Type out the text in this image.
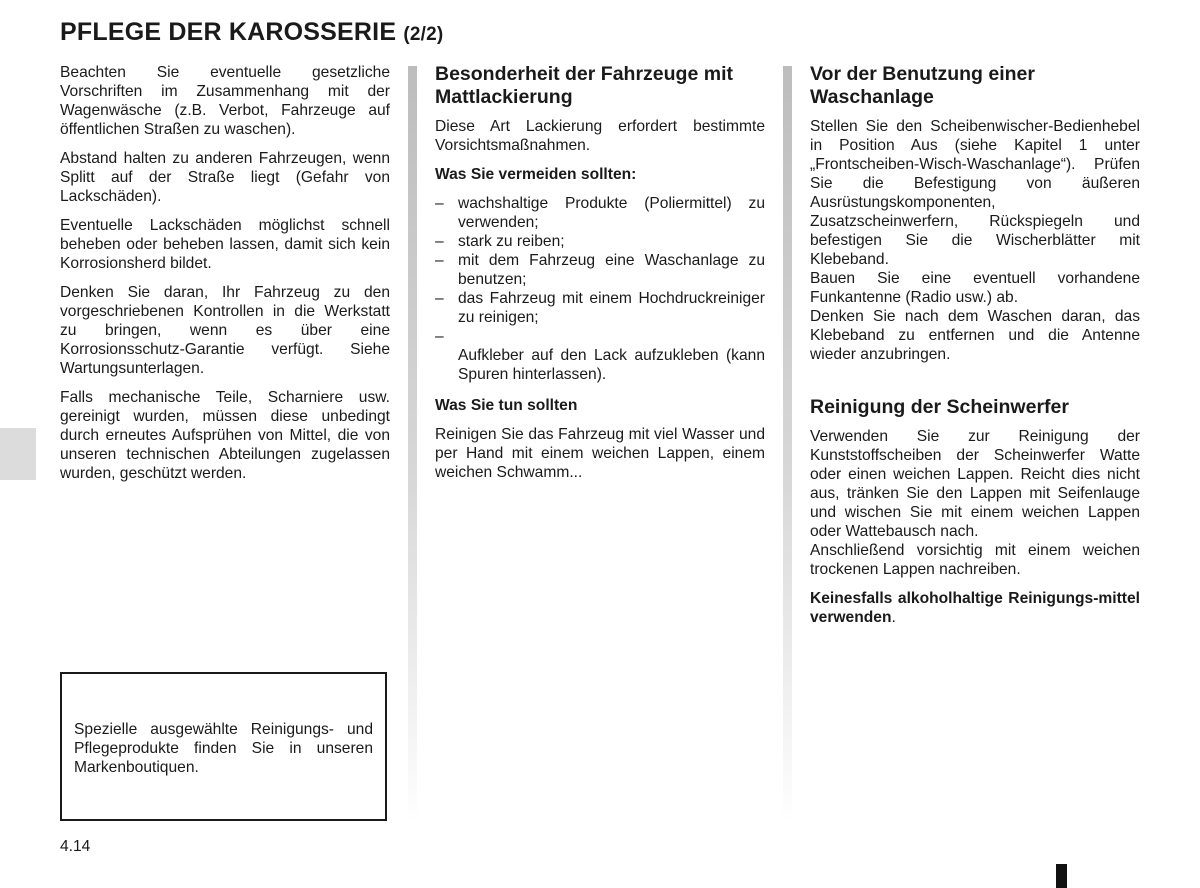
PFLEGE DER KAROSSERIE (2/2)

Beachten Sie eventuelle gesetzliche Vorschriften im Zusammenhang mit der Wagenwäsche (z.B. Verbot, Fahrzeuge auf öffentlichen Straßen zu waschen).

Abstand halten zu anderen Fahrzeugen, wenn Splitt auf der Straße liegt (Gefahr von Lackschäden).

Eventuelle Lackschäden möglichst schnell beheben oder beheben lassen, damit sich kein Korrosionsherd bildet.

Denken Sie daran, Ihr Fahrzeug zu den vorgeschriebenen Kontrollen in die Werkstatt zu bringen, wenn es über eine Korrosionsschutz-Garantie verfügt. Siehe Wartungsunterlagen.

Falls mechanische Teile, Scharniere usw. gereinigt wurden, müssen diese unbedingt durch erneutes Aufsprühen von Mittel, die von unseren technischen Abteilungen zugelassen wurden, geschützt werden.

Spezielle ausgewählte Reinigungs- und Pflegeprodukte finden Sie in unseren Markenboutiquen.
Besonderheit der Fahrzeuge mit Mattlackierung

Diese Art Lackierung erfordert bestimmte Vorsichtsmaßnahmen.

Was Sie vermeiden sollten:
– wachshaltige Produkte (Poliermittel) zu verwenden;
– stark zu reiben;
– mit dem Fahrzeug eine Waschanlage zu benutzen;
– das Fahrzeug mit einem Hochdruckreiniger zu reinigen;
–

Aufkleber auf den Lack aufzukleben (kann Spuren hinterlassen).
Was Sie tun sollten

Reinigen Sie das Fahrzeug mit viel Wasser und per Hand mit einem weichen Lappen, einem weichen Schwamm...

Vor der Benutzung einer Waschanlage

Stellen Sie den Scheibenwischer-Bedienhebel in Position Aus (siehe Kapitel 1 unter „Frontscheiben-Wisch-Waschanlage“). Prüfen Sie die Befestigung von äußeren Ausrüstungskomponenten, Zusatzscheinwerfern, Rückspiegeln und befestigen Sie die Wischerblätter mit Klebeband.

Bauen Sie eine eventuell vorhandene Funkantenne (Radio usw.) ab.

Denken Sie nach dem Waschen daran, das Klebeband zu entfernen und die Antenne wieder anzubringen.

Reinigung der Scheinwerfer

Verwenden Sie zur Reinigung der Kunststoffscheiben der Scheinwerfer Watte oder einen weichen Lappen. Reicht dies nicht aus, tränken Sie den Lappen mit Seifenlauge und wischen Sie mit einem weichen Lappen oder Wattebausch nach.

Anschließend vorsichtig mit einem weichen trockenen Lappen nachreiben.

Keinesfalls alkoholhaltige Reinigungs-mittel verwenden.

4.14
